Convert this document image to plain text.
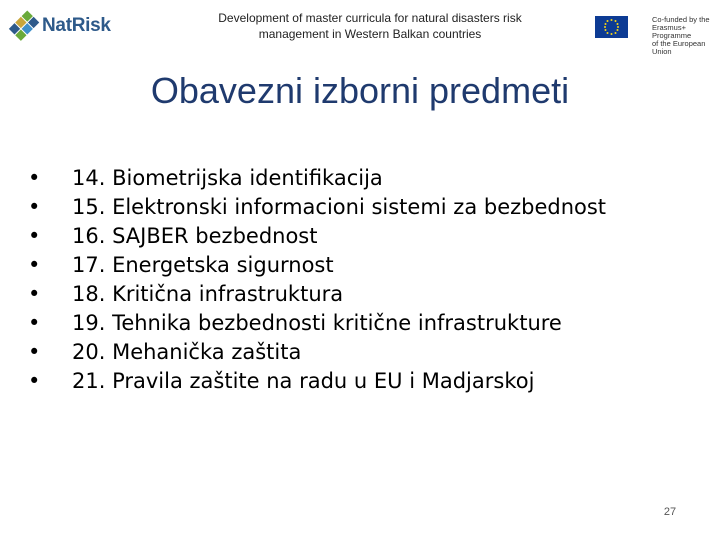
NatRisk	Development of master curricula for natural disasters risk
management in Western Balkan countries
Co-funded by the
Erasmus+ Programme
of the European Union
Obavezni izborni predmeti
• 14. Biometrijska identifikacija
• 15. Elektronski informacioni sistemi za bezbednost
• 16. SAJBER bezbednost
• 17. Energetska sigurnost
• 18. Kritična infrastruktura
• 19. Tehnika bezbednosti kritične infrastrukture
• 20. Mehanička zaštita
• 21. Pravila zaštite na radu u EU i Madjarskoj
27
